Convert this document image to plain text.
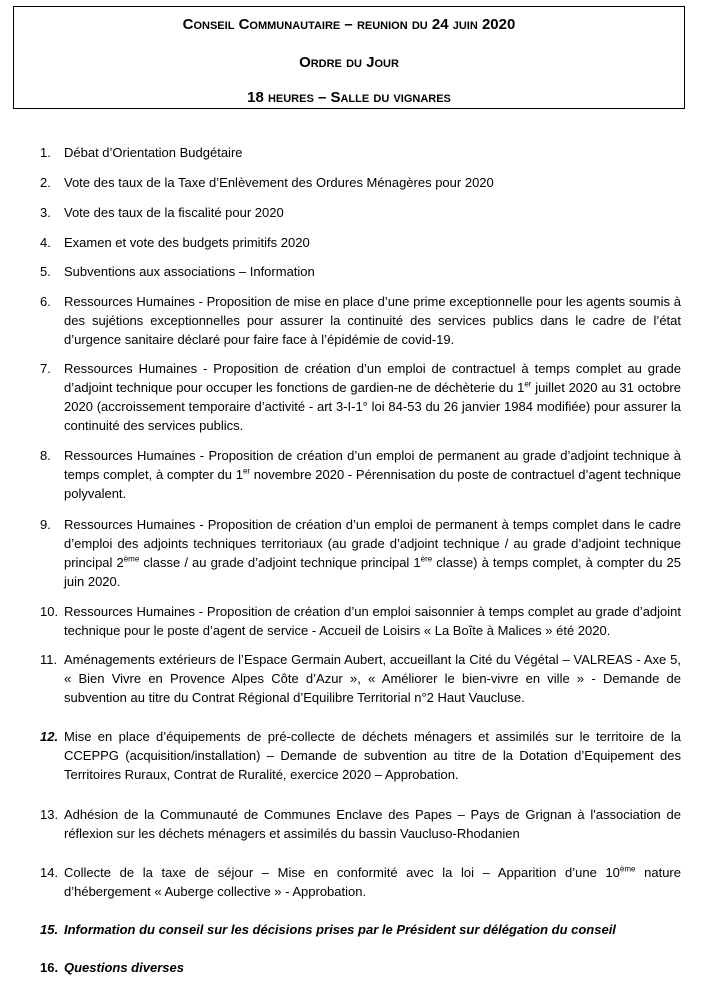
Conseil Communautaire – reunion du 24 juin 2020
Ordre du Jour
18 heures – Salle du vignares
1.	Débat d’Orientation Budgétaire
2.	Vote des taux de la Taxe d’Enlèvement des Ordures Ménagères pour 2020
3.	Vote des taux de la fiscalité pour 2020
4.	Examen et vote des budgets primitifs 2020
5.	Subventions aux associations – Information
6.	Ressources Humaines - Proposition de mise en place d’une prime exceptionnelle pour les agents soumis à des sujétions exceptionnelles pour assurer la continuité des services publics dans le cadre de l’état d’urgence sanitaire déclaré pour faire face à l’épidémie de covid-19.
7.	Ressources Humaines - Proposition de création d’un emploi de contractuel à temps complet au grade d’adjoint technique pour occuper les fonctions de gardien-ne de déchèterie du 1er juillet 2020 au 31 octobre 2020 (accroissement temporaire d’activité - art 3-I-1° loi 84-53 du 26 janvier 1984 modifiée) pour assurer la continuité des services publics.
8.	Ressources Humaines - Proposition de création d’un emploi de permanent au grade d’adjoint technique à temps complet, à compter du 1er novembre 2020 - Pérennisation du poste de contractuel d’agent technique polyvalent.
9.	Ressources Humaines - Proposition de création d’un emploi de permanent à temps complet dans le cadre d’emploi des adjoints techniques territoriaux (au grade d’adjoint technique / au grade d’adjoint technique principal 2ème classe / au grade d’adjoint technique principal 1ère classe) à temps complet, à compter du 25 juin 2020.
10. Ressources Humaines - Proposition de création d’un emploi saisonnier à temps complet au grade d’adjoint technique pour le poste d’agent de service - Accueil de Loisirs « La Boîte à Malices » été 2020.
11. Aménagements extérieurs de l’Espace Germain Aubert, accueillant la Cité du Végétal – VALREAS - Axe 5, « Bien Vivre en Provence Alpes Côte d’Azur », « Améliorer le bien-vivre en ville » - Demande de subvention au titre du Contrat Régional d’Equilibre Territorial n°2 Haut Vaucluse.
12. Mise en place d’équipements de pré-collecte de déchets ménagers et assimilés sur le territoire de la CCEPPG (acquisition/installation) – Demande de subvention au titre de la Dotation d’Equipement des Territoires Ruraux, Contrat de Ruralité, exercice 2020 – Approbation.
13. Adhésion de la Communauté de Communes Enclave des Papes – Pays de Grignan à l'association de réflexion sur les déchets ménagers et assimilés du bassin Vaucluso-Rhodanien
14. Collecte de la taxe de séjour – Mise en conformité avec la loi – Apparition d’une 10ème nature d’hébergement « Auberge collective » - Approbation.
15. Information du conseil sur les décisions prises par le Président sur délégation du conseil
16. Questions diverses
